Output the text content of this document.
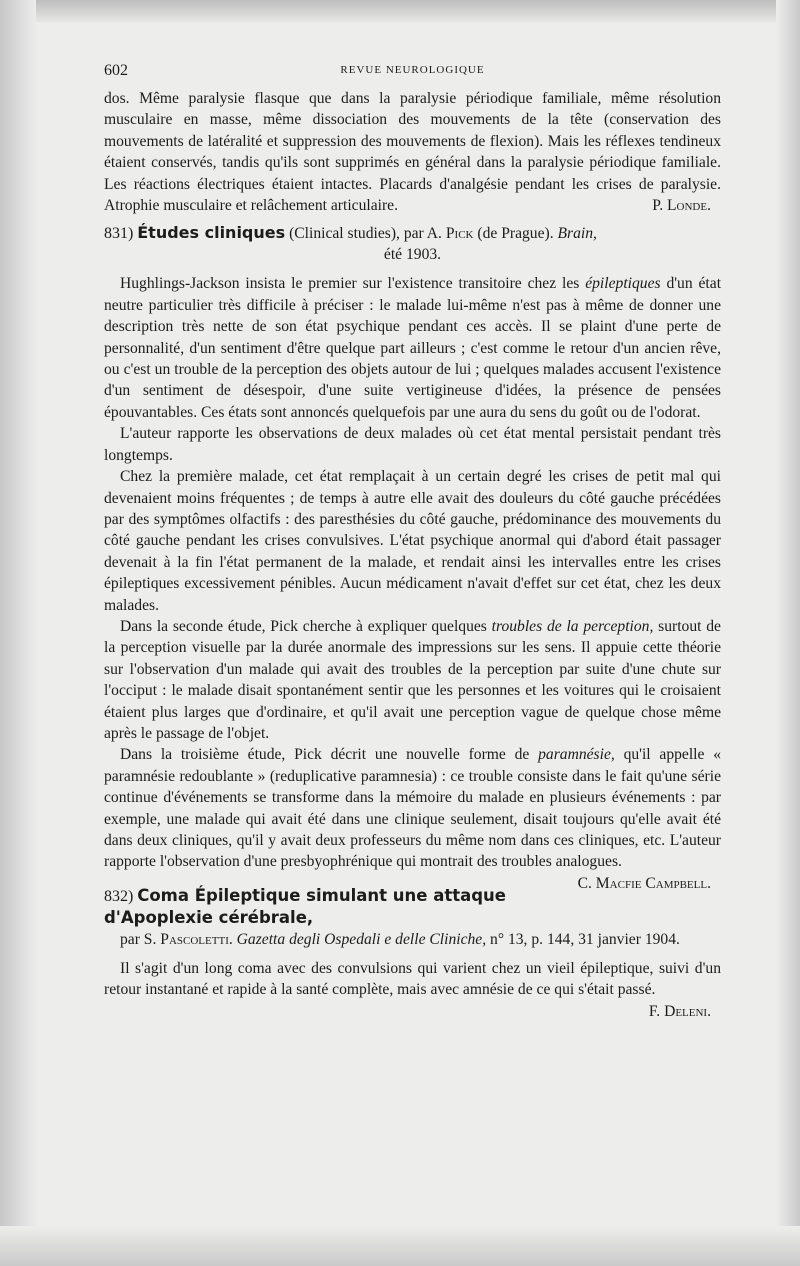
602	REVUE NEUROLOGIQUE

dos. Même paralysie flasque que dans la paralysie périodique familiale, même résolution musculaire en masse, même dissociation des mouvements de la tête (conservation des mouvements de latéralité et suppression des mouvements de flexion). Mais les réflexes tendineux étaient conservés, tandis qu'ils sont supprimés en général dans la paralysie périodique familiale. Les réactions électriques étaient intactes. Placards d'analgésie pendant les crises de paralysie. Atrophie musculaire et relâchement articulaire.	P. Londe.

831) Études cliniques (Clinical studies), par A. Pick (de Prague). Brain,
été 1903.

Hughlings-Jackson insista le premier sur l'existence transitoire chez les épileptiques d'un état neutre particulier très difficile à préciser : le malade lui-même n'est pas à même de donner une description très nette de son état psychique pendant ces accès. Il se plaint d'une perte de personnalité, d'un sentiment d'être quelque part ailleurs ; c'est comme le retour d'un ancien rêve, ou c'est un trouble de la perception des objets autour de lui ; quelques malades accusent l'existence d'un sentiment de désespoir, d'une suite vertigineuse d'idées, la présence de pensées épouvantables. Ces états sont annoncés quelquefois par une aura du sens du goût ou de l'odorat.

L'auteur rapporte les observations de deux malades où cet état mental persistait pendant très longtemps.

Chez la première malade, cet état remplaçait à un certain degré les crises de petit mal qui devenaient moins fréquentes ; de temps à autre elle avait des douleurs du côté gauche précédées par des symptômes olfactifs : des paresthésies du côté gauche, prédominance des mouvements du côté gauche pendant les crises convulsives. L'état psychique anormal qui d'abord était passager devenait à la fin l'état permanent de la malade, et rendait ainsi les intervalles entre les crises épileptiques excessivement pénibles. Aucun médicament n'avait d'effet sur cet état, chez les deux malades.

Dans la seconde étude, Pick cherche à expliquer quelques troubles de la perception, surtout de la perception visuelle par la durée anormale des impressions sur les sens. Il appuie cette théorie sur l'observation d'un malade qui avait des troubles de la perception par suite d'une chute sur l'occiput : le malade disait spontanément sentir que les personnes et les voitures qui le croisaient étaient plus larges que d'ordinaire, et qu'il avait une perception vague de quelque chose même après le passage de l'objet.

Dans la troisième étude, Pick décrit une nouvelle forme de paramnésie, qu'il appelle « paramnésie redoublante » (reduplicative paramnesia) : ce trouble consiste dans le fait qu'une série continue d'événements se transforme dans la mémoire du malade en plusieurs événements : par exemple, une malade qui avait été dans une clinique seulement, disait toujours qu'elle avait été dans deux cliniques, qu'il y avait deux professeurs du même nom dans ces cliniques, etc. L'auteur rapporte l'observation d'une presbyophrénique qui montrait des troubles analogues.
C. Macfie Campbell.

832) Coma Épileptique simulant une attaque d'Apoplexie cérébrale,
par S. Pascoletti. Gazetta degli Ospedali e delle Cliniche, n° 13, p. 144, 31 janvier 1904.

Il s'agit d'un long coma avec des convulsions qui varient chez un vieil épileptique, suivi d'un retour instantané et rapide à la santé complète, mais avec amnésie de ce qui s'était passé.
F. Deleni.
